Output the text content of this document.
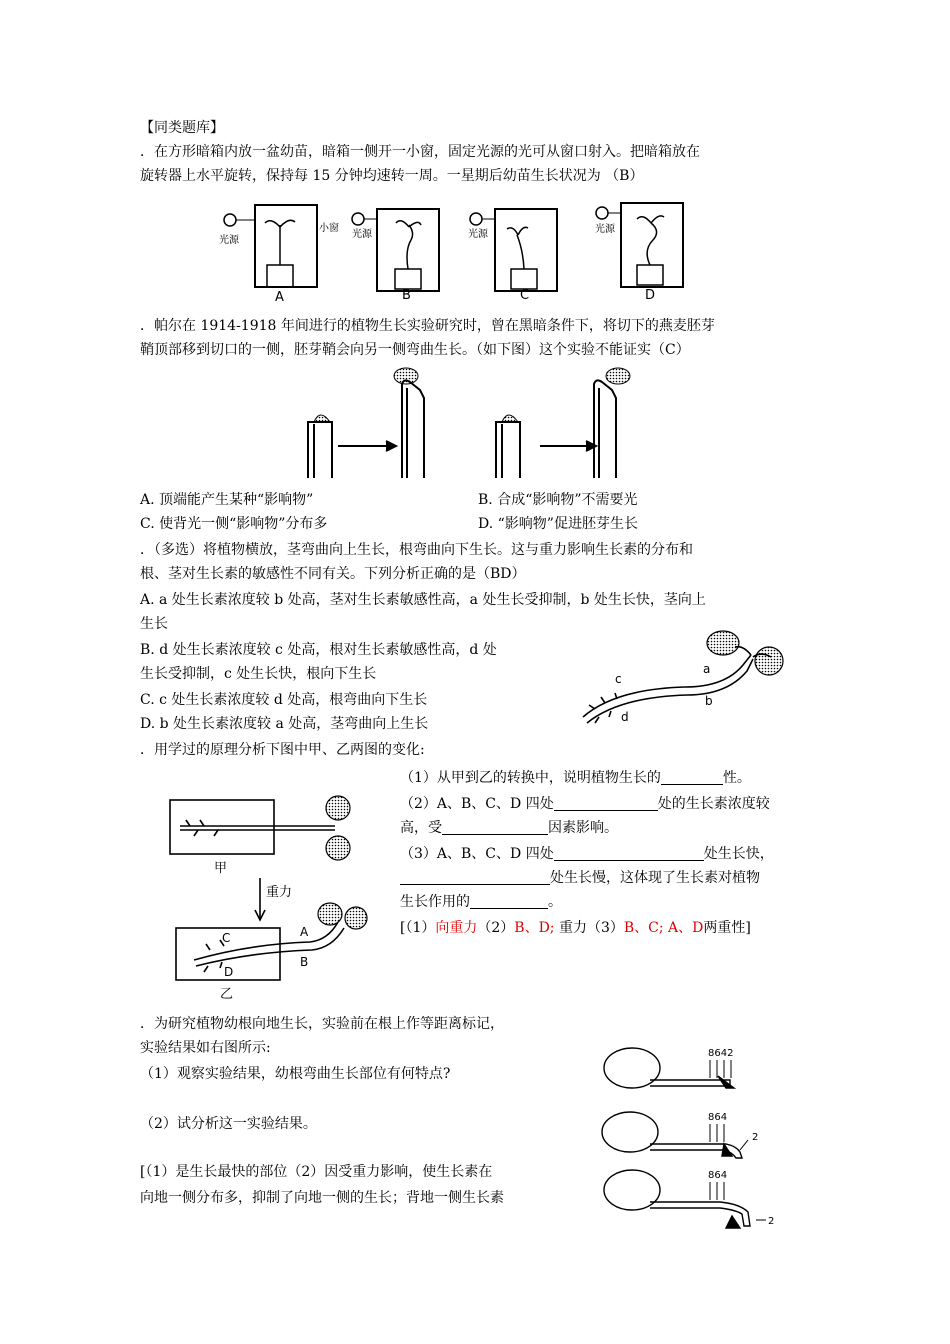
【同类题库】
．在方形暗箱内放一盆幼苗，暗箱一侧开一小窗，固定光源的光可从窗口射入。把暗箱放在
旋转器上水平旋转，保持每 15 分钟均速转一周。一星期后幼苗生长状况为 （B）
光源
光源	光源	光源
小窗
A	B	C	D
．帕尔在 1914-1918 年间进行的植物生长实验研究时，曾在黑暗条件下，将切下的燕麦胚芽
鞘顶部移到切口的一侧，胚芽鞘会向另一侧弯曲生长。（如下图）这个实验不能证实（C）
A. 顶端能产生某种“影响物”	B. 合成“影响物”不需要光
C. 使背光一侧“影响物”分布多	D. “影响物”促进胚芽生长
．（多选）将植物横放，茎弯曲向上生长，根弯曲向下生长。这与重力影响生长素的分布和
根、茎对生长素的敏感性不同有关。下列分析正确的是（BD）
A. a 处生长素浓度较 b 处高，茎对生长素敏感性高，a 处生长受抑制，b 处生长快，茎向上
生长
B. d 处生长素浓度较 c 处高，根对生长素敏感性高，d 处
生长受抑制，c 处生长快，根向下生长
C. c 处生长素浓度较 d 处高，根弯曲向下生长
D. b 处生长素浓度较 a 处高，茎弯曲向上生长
a
b
c
d
．用学过的原理分析下图中甲、乙两图的变化:
（1）从甲到乙的转换中，说明植物生长的	性。
（2）A、B、C、D 四处	处的生长素浓度较
高，受	因素影响。
（3）A、B、C、D 四处	处生长快，
处生长慢，这体现了生长素对植物
生长作用的	。
[（1）向重力（2）B、D; 重力（3）B、C; A、D两重性]
甲
重力
乙
C
D
A
B
．为研究植物幼根向地生长，实验前在根上作等距离标记，
实验结果如右图所示:
（1）观察实验结果，幼根弯曲生长部位有何特点?
（2）试分析这一实验结果。
[（1）是生长最快的部位（2）因受重力影响，使生长素在
向地一侧分布多，抑制了向地一侧的生长；背地一侧生长素
8642
864
864
2
2
